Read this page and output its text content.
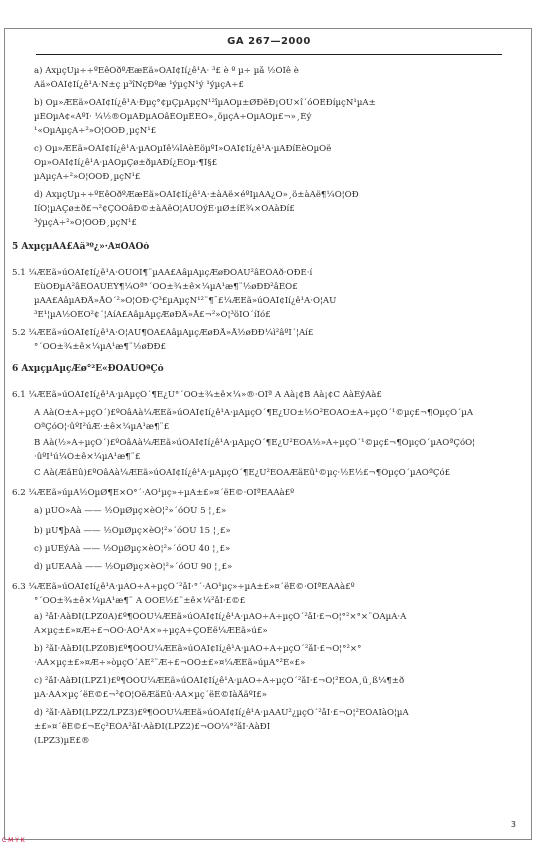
GA 267—2000
a) ÀxµçÜµ÷÷ºËêÓðºÆæÈä»ÒÀÎ¢Ïí¿ê¹Ä· ³£ è º µ÷ µå ½ÔÎê è
Ää»ÒÀÎ¢Ïí¿ê¹Ä·Ñ±ç µ³îÑçÐºæ ¹ýµçÑ¹ý ¹ýµçÄ÷£
b) Öµ»ÆÈä»ÒÀÎ¢Ïí¿ê¹Ä·Ðµç°¢µÇµÄµçÑ¹²îµÄÖµ±ØÐëÐ¡ÓÚ×î´óÔÊÐíµçÑ¹µÄ±
µÊÖµÀ¢«ÀºÎ· ¼½®ÖµÄÐµÄÕâÈÖµÊËÒ»¸öµçÁ÷ÕµÄÖµ£¬»¸Èý
¹«ÖµÄµçÁ÷²»Ó¦ÓÖÐ¸µçÑ¹£
c) Öµ»ÆÈä»ÒÀÎ¢Ïí¿ê¹Ä·µÄÖµÎê¼îÃèÊöµºÍ»ÒÀÎ¢Ïí¿ê¹Ä·µÄÐíÉèÖµÓë
Öµ»ÒÀÎ¢Ïí¿ê¹Ä·µÄÖµÇø±ðµÄÐí¿ÉÖµ·¶Î§£
µÄµçÁ÷²»Ó¦ÓÖÐ¸µçÑ¹£
d) ÀxµçÜµ÷÷ºËêÓðºÆæÈä»ÒÀÎ¢Ïí¿ê¹Ä·±àÂë×éºÏµÄÃ¿Ò»¸ö±àÂë¶¼Ó¦ÓÐ
ÏíÓ¦µÄÇø±ð£¬²¢ÇÒÕâÐ©±àÂëÓ¦ÄÜÕýÈ·µØ±íÊ¾×ÓÀàÐí£
³ýµçÁ÷²»Ó¦ÓÖÐ¸µçÑ¹£
5 ÀxµçµÄÄ£Äâ³º¿»·À¤ÒÃÕó
5.1 ¼ÆËã»úÒÀÎ¢Ïí¿ê¹Ä·ÓÚÓÎ¶¨µÄÄ£ÄâµÄµçÆøÐÔÄÜ²âÊÔÂð·ÖÐÈ·í
ËùÓÐµÄ²âÊÔÄÚÈÝ¶¼Òª°´ÕÕ±¾±ê×¼µÄ¹æ¶¨½øÐÐ²âÊÔ£
µÄÄ£ÄâµÄÐÅ»ÅÔ´²»Ó¦ÓÐ·Ç³£µÄµçÑ¹²¨¶¯£¼ÆËã»úÒÀÎ¢Ïí¿ê¹Ä·Ó¦ÄÜ
³É¹¦µÄ½ÓÊÕ²¢´¦ÀíÄ£ÄâµÄµçÆøÐÅ»Å£¬²»Ó¦³öÏÖ´íÎó£
5.2 ¼ÆËã»úÒÀÎ¢Ïí¿ê¹Ä·Ó¦ÄÜ¶ÔÄ£ÄâµÄµçÆøÐÅ»Å½øÐÐ¼ì²âºÍ´¦Àí£
°´ÕÕ±¾±ê×¼µÄ¹æ¶¨½øÐÐ£
6 ÀxµçµÄµçÆø°²È«ÐÔÄÜÒªÇó
6.1 ¼ÆËã»úÒÀÎ¢Ïí¿ê¹Ä·µÄµçÔ´¶Ë¿Ú°´ÕÕ±¾±ê×¼»®·ÖÎª A Àà¡¢B Àà¡¢C ÀàÈýÀà£
A Àà(Ö±Á÷µçÔ´)£ºÕâÀà¼ÆËã»úÒÀÎ¢Ïí¿ê¹Ä·µÄµçÔ´¶Ë¿ÚÖ±½Ó²ÉÓÃÖ±Á÷µçÔ´¹©µç£¬¶ÔµçÔ´µÄ
ÒªÇóÓ¦·ûºÏ²úÆ·±ê×¼µÄ¹æ¶¨£
B Àà(½»Á÷µçÔ´)£ºÕâÀà¼ÆËã»úÒÀÎ¢Ïí¿ê¹Ä·µÄµçÔ´¶Ë¿Ú²ÉÓÃ½»Á÷µçÔ´¹©µç£¬¶ÔµçÔ´µÄÒªÇóÓ¦
·ûºÏ¹ú¼Ò±ê×¼µÄ¹æ¶¨£
C Àà(ÆäËû)£ºÕâÀà¼ÆËã»úÒÀÎ¢Ïí¿ê¹Ä·µÄµçÔ´¶Ë¿Ú²ÉÓÃÆäËû¹©µç·½Ê½£¬¶ÔµçÔ´µÄÒªÇó£
6.2 ¼ÆËã»úµÄ½ÓµØ¶Ë×Ó°´·ÀÖ¹µç»÷µÄ±£»¤´ëÊ©·ÖÎªËÄÀà£º
a) µÚÒ»Àà —— ½ÓµØµç×èÓ¦²»´óÓÚ 5 ¦¸£»
b) µÚ¶þÀà —— ½ÓµØµç×èÓ¦²»´óÓÚ 15 ¦¸£»
c) µÚÈýÀà —— ½ÓµØµç×èÓ¦²»´óÓÚ 40 ¦¸£»
d) µÚËÄÀà —— ½ÓµØµç×èÓ¦²»´óÓÚ 90 ¦¸£»
6.3 ¼ÆËã»úÒÀÎ¢Ïí¿ê¹Ä·µÄÖ÷Á÷µçÔ´²åÍ·°´·ÀÖ¹µç»÷µÄ±£»¤´ëÊ©·ÖÎªËÄÀà£º
°´ÕÕ±¾±ê×¼µÄ¹æ¶¨ A ÖÖÊ½£¨±ê×¼²åÍ·£©£
a) ²åÍ·ÀàÐÍ(LPZ0A)£º¶ÔÓÚ¼ÆËã»úÒÀÎ¢Ïí¿ê¹Ä·µÄÖ÷Á÷µçÔ´²åÍ·£¬Ó¦°²×°×¨ÓÃµÄ·À
À×µç±£»¤Æ÷£¬ÒÔ·ÀÖ¹À×»÷µçÁ÷ÇÖÈë¼ÆËã»ú£»
b) ²åÍ·ÀàÐÍ(LPZ0B)£º¶ÔÓÚ¼ÆËã»úÒÀÎ¢Ïí¿ê¹Ä·µÄÖ÷Á÷µçÔ´²åÍ·£¬Ó¦°²×°
·ÀÀ×µç±£»¤Æ÷»òµçÔ´ÂË²¨Æ÷£¬ÒÔ±£»¤¼ÆËã»úµÄ°²È«£»
c) ²åÍ·ÀàÐÍ(LPZ1)£º¶ÔÓÚ¼ÆËã»úÒÀÎ¢Ïí¿ê¹Ä·µÄÖ÷Á÷µçÔ´²åÍ·£¬Ó¦²ÉÓÃ¸ü¸ß¼¶±ð
µÄ·ÀÀ×µç´ëÊ©£¬²¢Ó¦ÓëÆäËû·ÀÀ×µç´ëÊ©ÏàÅäºÏ£»
d) ²åÍ·ÀàÐÍ(LPZ2/LPZ3)£º¶ÔÓÚ¼ÆËã»úÒÀÎ¢Ïí¿ê¹Ä·µÄÄÚ²¿µçÔ´²åÍ·£¬Ó¦²ÉÓÃÏàÓ¦µÄ
±£»¤´ëÊ©£¬Èç²ÉÓÃ²åÍ·ÀàÐÍ(LPZ2)£¬ÒÔ¼°²åÍ·ÀàÐÍ
(LPZ3)µÈ£®
3
C M Y K
